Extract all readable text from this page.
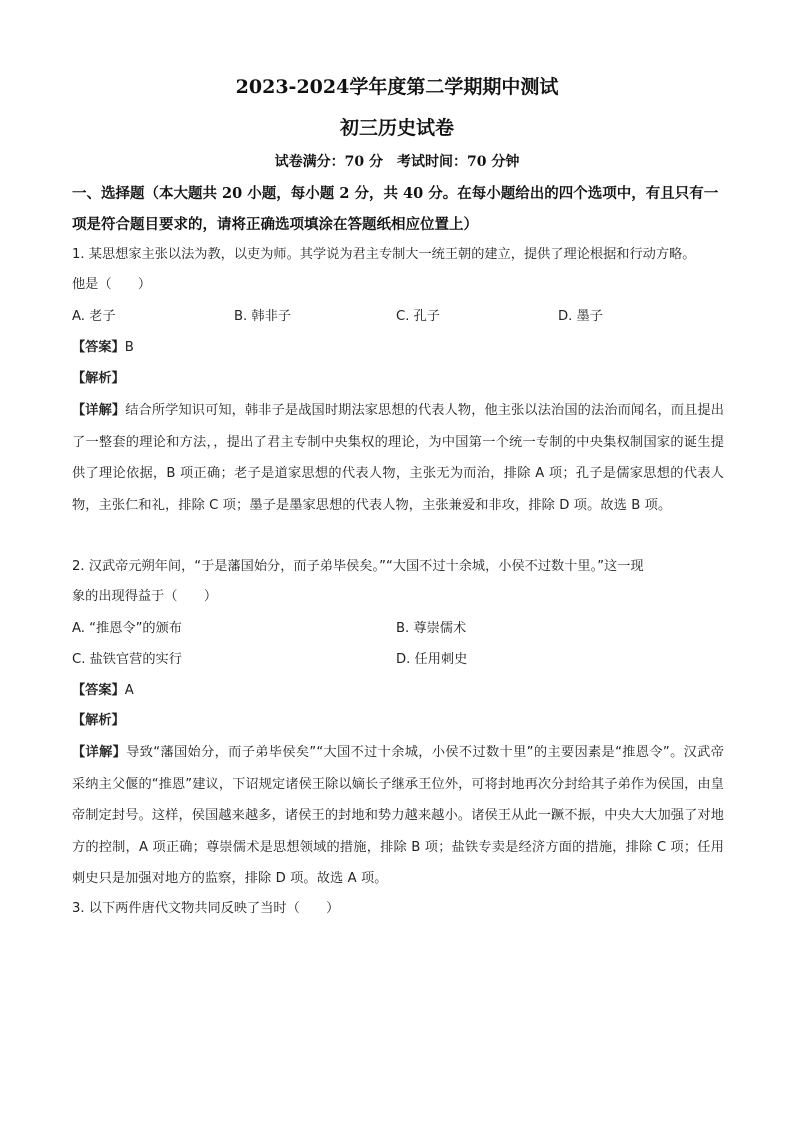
2023-2024学年度第二学期期中测试
初三历史试卷
试卷满分：70 分　考试时间：70 分钟

一、选择题（本大题共 20 小题，每小题 2 分，共 40 分。在每小题给出的四个选项中，有且只有一项是符合题目要求的，请将正确选项填涂在答题纸相应位置上）

1. 某思想家主张以法为教，以吏为师。其学说为君主专制大一统王朝的建立，提供了理论根据和行动方略。

他是（　　）

A. 老子	B. 韩非子	C. 孔子	D. 墨子
【答案】B
【解析】

【详解】结合所学知识可知，韩非子是战国时期法家思想的代表人物，他主张以法治国的法治而闻名，而且提出了一整套的理论和方法，，提出了君主专制中央集权的理论，为中国第一个统一专制的中央集权制国家的诞生提供了理论依据，B 项正确；老子是道家思想的代表人物，主张无为而治，排除 A 项；孔子是儒家思想的代表人物，主张仁和礼，排除 C 项；墨子是墨家思想的代表人物，主张兼爱和非攻，排除 D 项。故选 B 项。

2. 汉武帝元朔年间，“于是藩国始分，而子弟毕侯矣。”“大国不过十余城，小侯不过数十里。”这一现

象的出现得益于（　　）

A. “推恩令”的颁布	B. 尊崇儒术
C. 盐铁官营的实行	D. 任用刺史
【答案】A
【解析】

【详解】导致“藩国始分，而子弟毕侯矣”“大国不过十余城，小侯不过数十里”的主要因素是“推恩令”。汉武帝采纳主父偃的“推恩”建议，下诏规定诸侯王除以嫡长子继承王位外，可将封地再次分封给其子弟作为侯国，由皇帝制定封号。这样，侯国越来越多，诸侯王的封地和势力越来越小。诸侯王从此一蹶不振，中央大大加强了对地方的控制，A 项正确；尊崇儒术是思想领域的措施，排除 B 项；盐铁专卖是经济方面的措施，排除 C 项；任用刺史只是加强对地方的监察，排除 D 项。故选 A 项。

3. 以下两件唐代文物共同反映了当时（　　）
